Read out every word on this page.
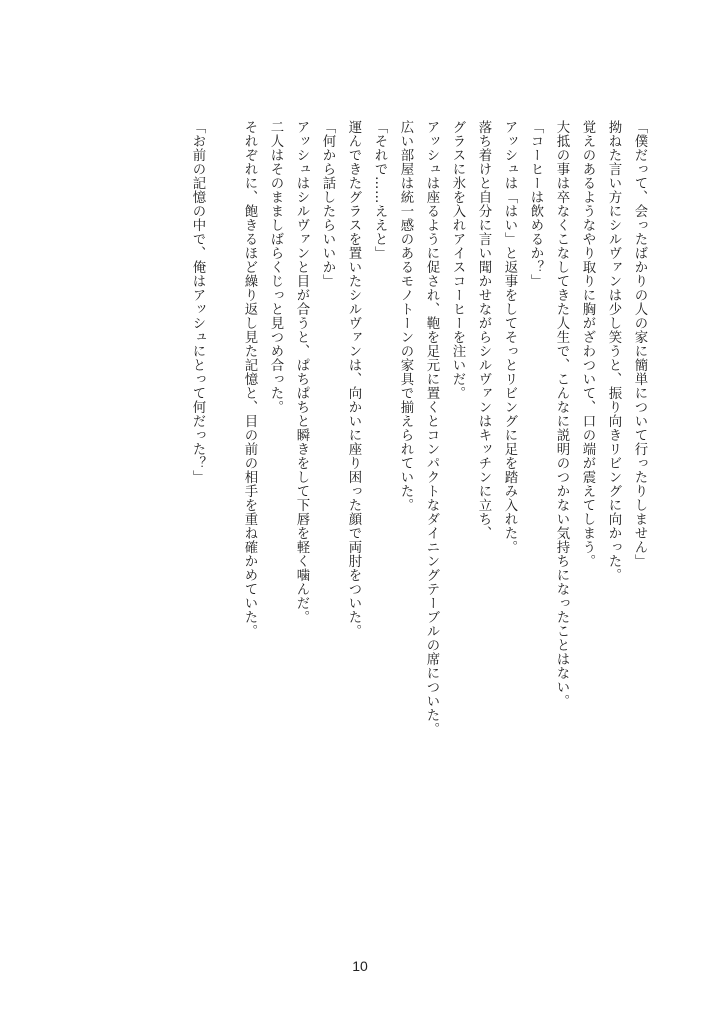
「僕だって、会ったばかりの人の家に簡単について行ったりしません」

拗ねた言い方にシルヴァンは少し笑うと、振り向きリビングに向かった。

覚えのあるようなやり取りに胸がざわついて、口の端が震えてしまう。

大抵の事は卒なくこなしてきた人生で、こんなに説明のつかない気持ちになったことはない。

「コーヒーは飲めるか？」

アッシュは「はい」と返事をしてそっとリビングに足を踏み入れた。

落ち着けと自分に言い聞かせながらシルヴァンはキッチンに立ち、

グラスに氷を入れアイスコーヒーを注いだ。

アッシュは座るように促され、鞄を足元に置くとコンパクトなダイニングテーブルの席についた。

広い部屋は統一感のあるモノトーンの家具で揃えられていた。

「それで……ええと」

運んできたグラスを置いたシルヴァンは、向かいに座り困った顔で両肘をついた。

「何から話したらいいか」

アッシュはシルヴァンと目が合うと、ぱちぱちと瞬きをして下唇を軽く噛んだ。

二人はそのまましばらくじっと見つめ合った。

それぞれに、飽きるほど繰り返し見た記憶と、目の前の相手を重ね確かめていた。

「お前の記憶の中で、俺はアッシュにとって何だった？」

10
